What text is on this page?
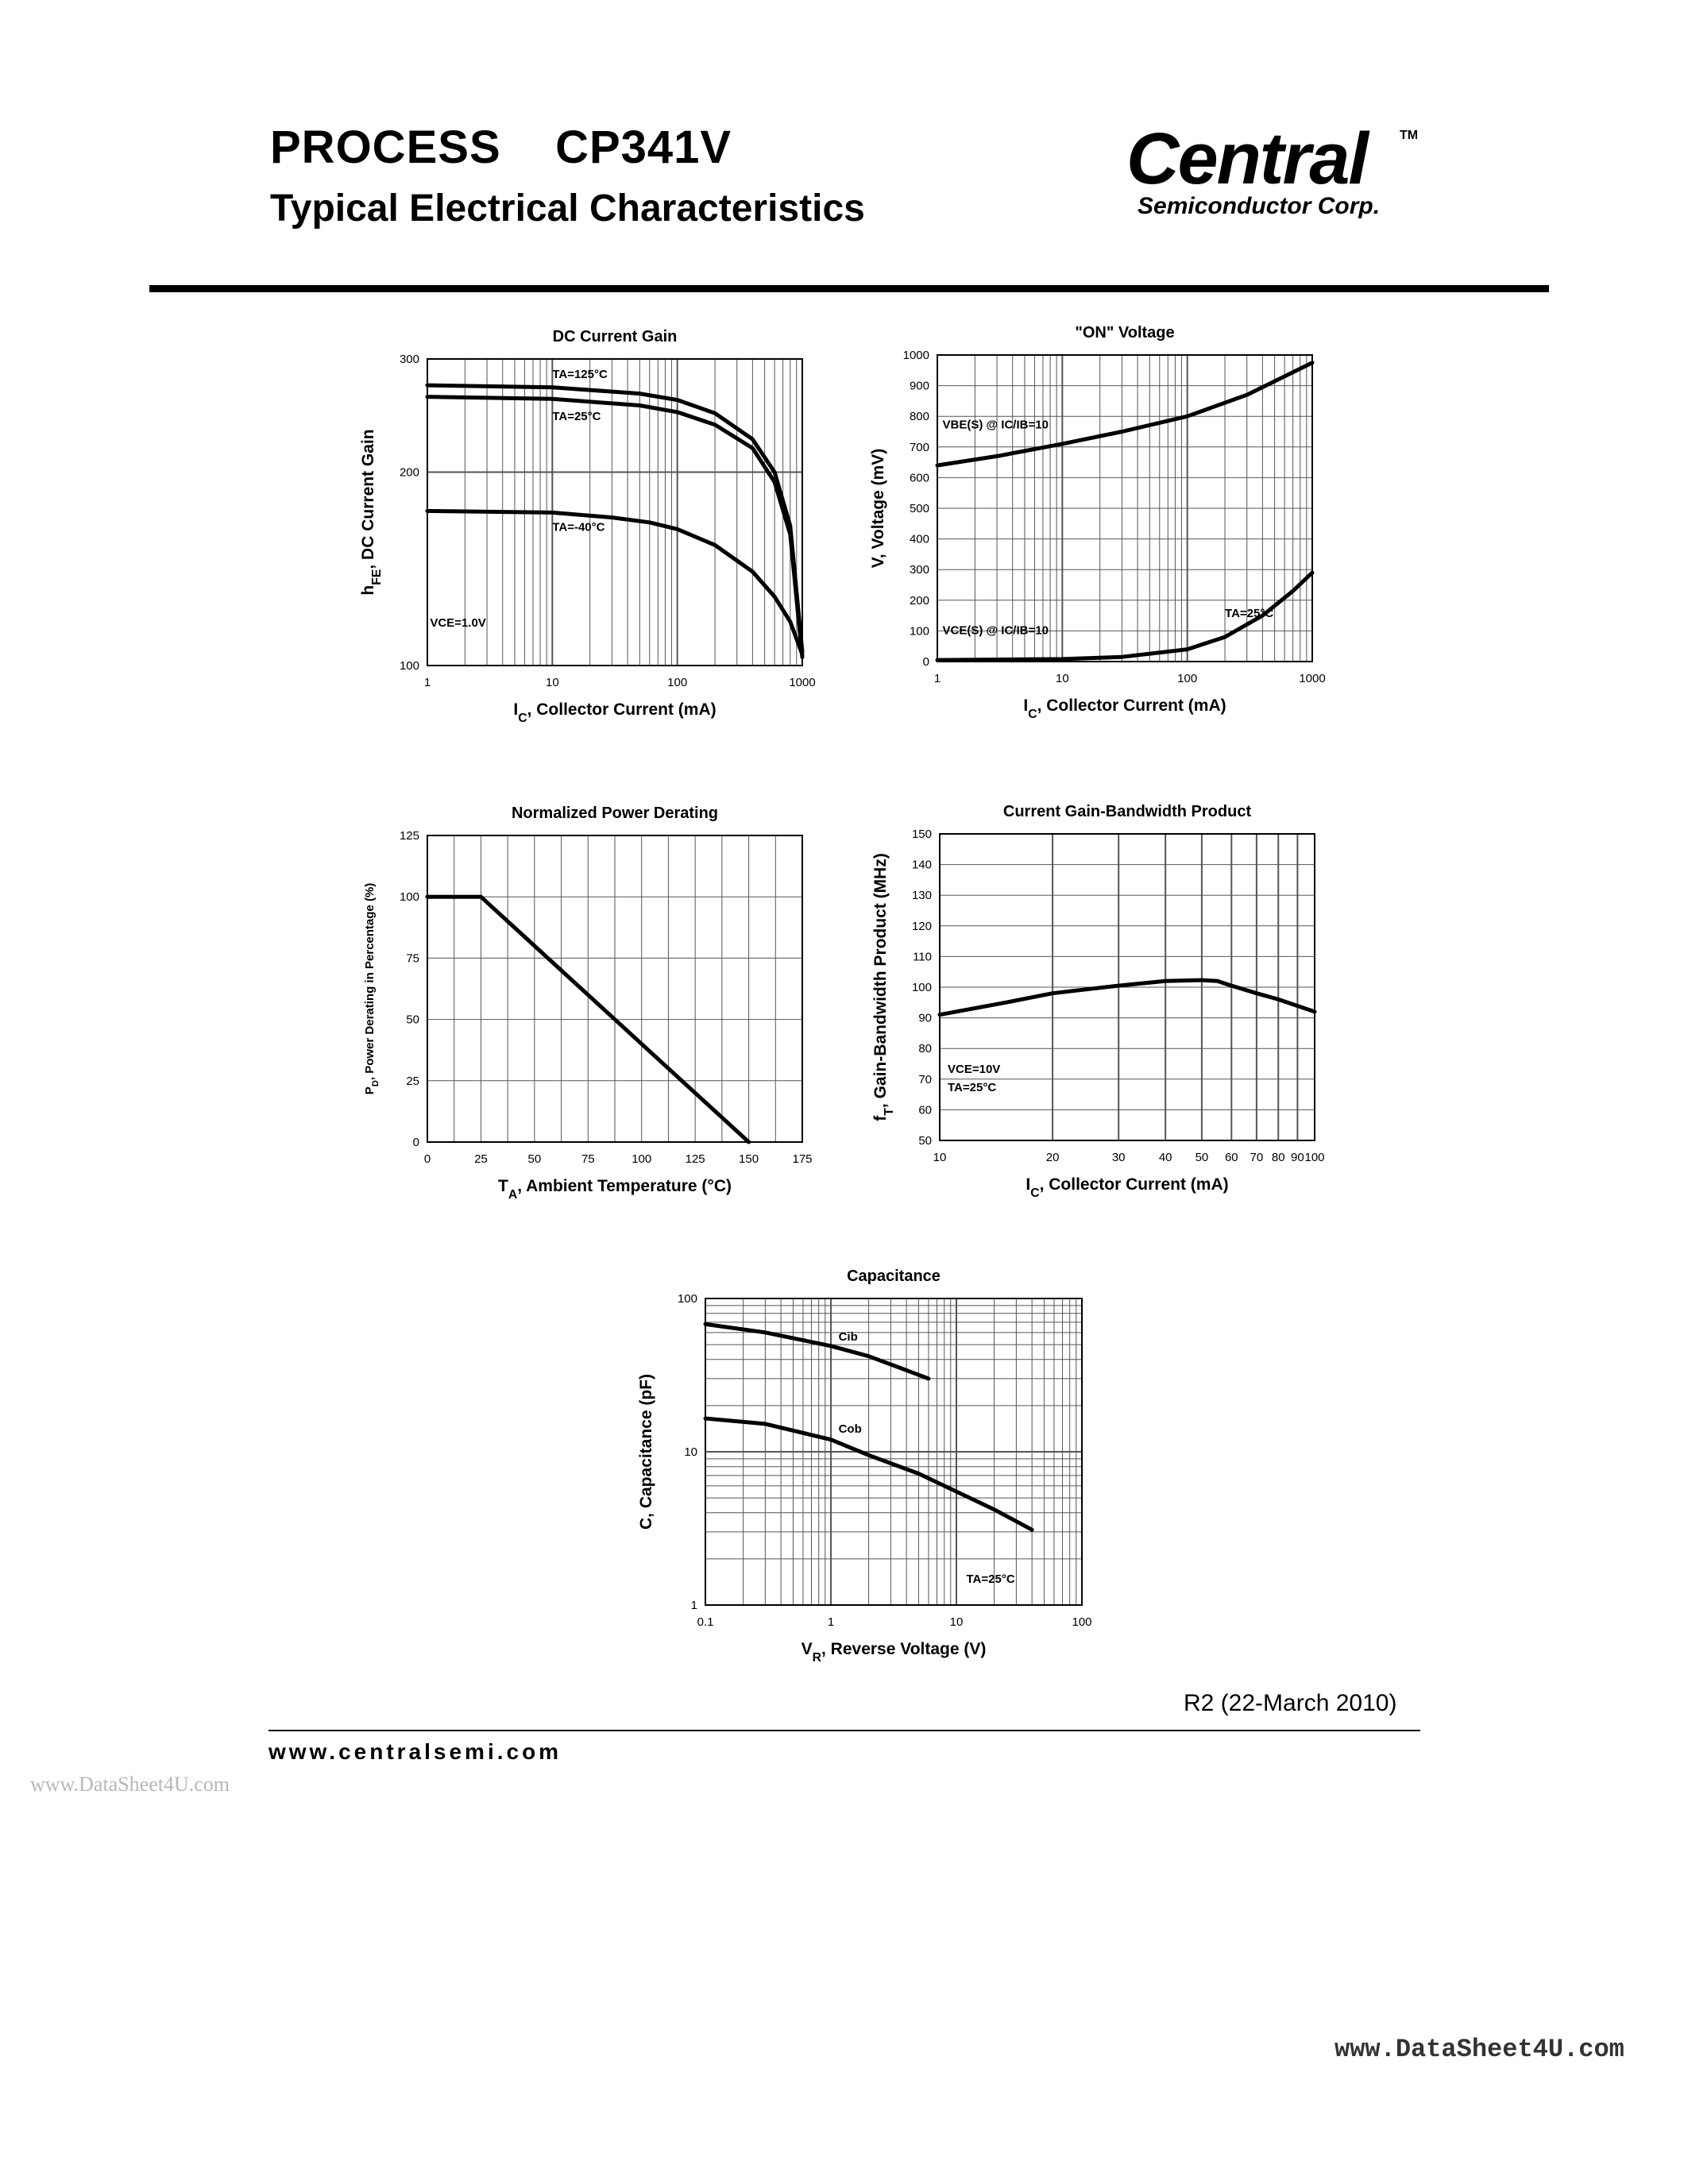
PROCESS    CP341V
Typical Electrical Characteristics
Central	TM
Semiconductor Corp.
1	10	100	1000
100
200
300
DC Current Gain
$I_C$, Collector Current (mA)
$h_{FE}$, DC Current Gain
TA=125°C
TA=25°C
TA=-40°C
VCE=1.0V
1	10	100	1000
0
100
200
300
400
500
600
700
800
900
1000
"ON" Voltage
$I_C$, Collector Current (mA)
V, Voltage (mV)
VBE(S) @ IC/IB=10
VCE(S) @ IC/IB=10
TA=25°C
0	25	50	75	100	125	150	175
0
25
50
75
100
125
Normalized Power Derating
$T_A$, Ambient Temperature (°C)
$P_D$, Power Derating in Percentage (%)
10	20	30	40 50 60 70 80 90 100
50
60
70
80
90
100
110
120
130
140
150
Current Gain-Bandwidth Product
$I_C$, Collector Current (mA)
$f_T$, Gain-Bandwidth Product (MHz)	VCE=10V
TA=25°C
0.1	1	10	100
1
10
100
Capacitance
$V_R$, Reverse Voltage (V)
C, Capacitance (pF)
Cib
Cob
TA=25°C
R2 (22-March 2010)
www.centralsemi.com
www.DataSheet4U.com
www.DataSheet4U.com
